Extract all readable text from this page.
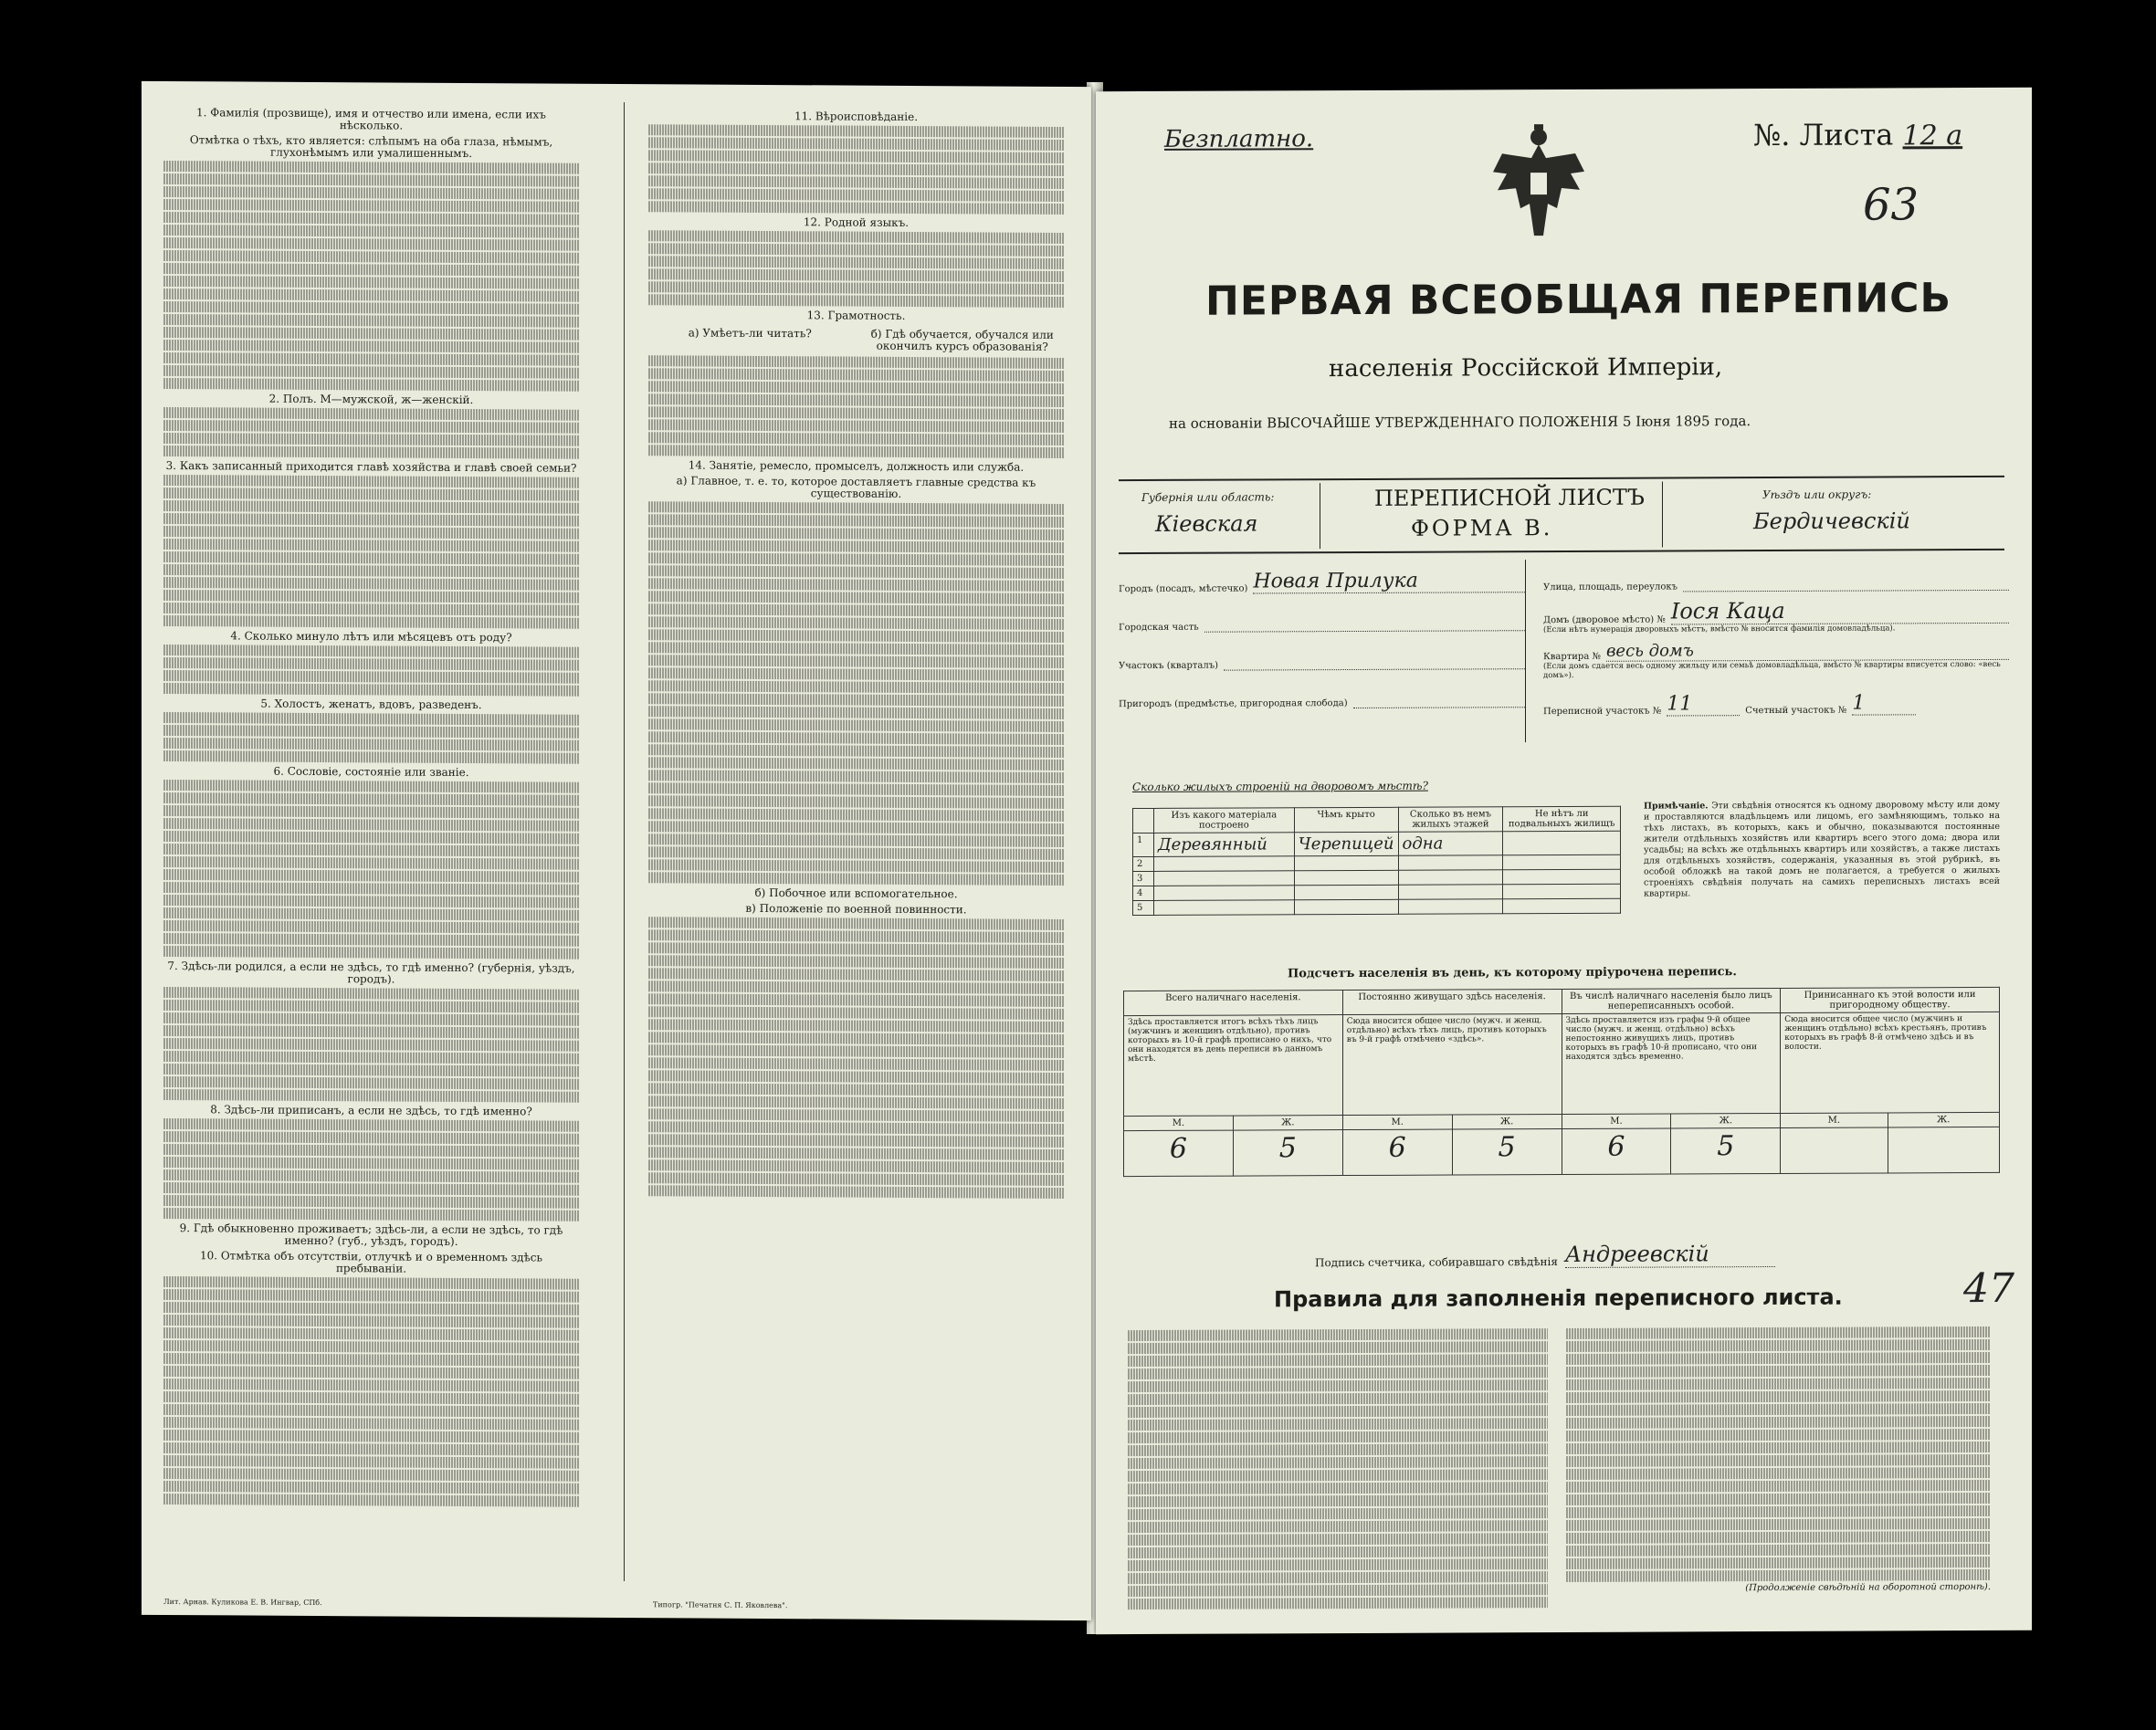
1. Фамилія (прозвище), имя и отчество или имена, если ихъ нѣсколько.
Отмѣтка о тѣхъ, кто является: слѣпымъ на оба глаза, нѣмымъ, глухонѣмымъ или умалишеннымъ.
2. Полъ. М—мужской, ж—женскій.
3. Какъ записанный приходится главѣ хозяйства и главѣ своей семьи?
4. Сколько минуло лѣтъ или мѣсяцевъ отъ роду?
5. Холостъ, женатъ, вдовъ, разведенъ.
6. Сословіе, состояніе или званіе.
7. Здѣсь-ли родился, а если не здѣсь, то гдѣ именно? (губернія, уѣздъ, городъ).
8. Здѣсь-ли приписанъ, а если не здѣсь, то гдѣ именно?
9. Гдѣ обыкновенно проживаетъ; здѣсь-ли, а если не здѣсь, то гдѣ именно? (губ., уѣздъ, городъ).
10. Отмѣтка объ отсутствіи, отлучкѣ и о временномъ здѣсь пребываніи.
Лит. Арнав. Куликова Е. В. Ингвар, СПб.
11. Вѣроисповѣданіе.
12. Родной языкъ.
13. Грамотность.
а) Умѣетъ-ли читать?	б) Гдѣ обучается, обучался или окончилъ курсъ образованія?
14. Занятіе, ремесло, промыселъ, должность или служба.
а) Главное, т. е. то, которое доставляетъ главные средства къ существованію.
б) Побочное или вспомогательное.
в) Положеніе по военной повинности.
Типогр. "Печатня С. П. Яковлева".
Безплатно.	№. Листа 12 а
63
ПЕРВАЯ ВСЕОБЩАЯ ПЕРЕПИСЬ
населенія Россійской Имперіи,
на основаніи ВЫСОЧАЙШЕ УТВЕРЖДЕННАГО ПОЛОЖЕНІЯ 5 Іюня 1895 года.
Губернія или область:
Кіевская
ПЕРЕПИСНОЙ ЛИСТЪ
ФОРМА В.
Уѣздъ или округъ:
Бердичевскій
Городъ (посадъ, мѣстечко) Новая Прилука
Городская часть
Участокъ (кварталъ)
Пригородъ (предмѣстье, пригородная слобода)
Улица, площадь, переулокъ
Домъ (дворовое мѣсто) № Іося Каца
(Если нѣтъ нумерація дворовыхъ мѣстъ, вмѣсто № вносится фамилія домовладѣльца).
Квартира № весь домъ
(Если домъ сдается весь одному жильцу или семьѣ домовладѣльца, вмѣсто № квартиры вписуется слово: «весь домъ»).
Переписной участокъ № 11	Счетный участокъ № 1
Сколько жилыхъ строеній на дворовомъ мѣстѣ?
	Изъ какого матеріала построено	Чѣмъ крыто	Сколько въ немъ жилыхъ этажей	Не нѣтъ ли подвальныхъ жилищъ
1	Деревянный	Черепицей	одна	
2				
3				
4				
5				
Примѣчаніе. Эти свѣдѣнія относятся къ одному дворовому мѣсту или дому и проставляются владѣльцемъ или лицомъ, его замѣняющимъ, только на тѣхъ листахъ, въ которыхъ, какъ и обычно, показываются постоянные жители отдѣльныхъ хозяйствъ или квартиръ всего этого дома; двора или усадьбы; на всѣхъ же отдѣльныхъ квартиръ или хозяйствъ, а также листахъ для отдѣльныхъ хозяйствъ, содержанія, указанныя въ этой рубрикѣ, въ особой обложкѣ на такой домъ не полагается, а требуется о жилыхъ строеніяхъ свѣдѣнія получать на самихъ переписныхъ листахъ всей квартиры.
Подсчетъ населенія въ день, къ которому пріурочена перепись.
Всего наличнаго населенія.		Постоянно живущаго здѣсь населенія.		Въ числѣ наличнаго населенія было лицъ непереписанныхъ особой.		Принисаннаго къ этой волости или пригородному обществу.	
Здѣсь проставляется итогъ всѣхъ тѣхъ лицъ (мужчинъ и женщинъ отдѣльно), противъ которыхъ въ 10-й графѣ прописано о нихъ, что они находятся въ день переписи въ данномъ мѣстѣ.		Сюда вносится общее число (мужч. и женщ. отдѣльно) всѣхъ тѣхъ лицъ, противъ которыхъ въ 9-й графѣ отмѣчено «здѣсь».		Здѣсь проставляется изъ графы 9-й общее число (мужч. и женщ. отдѣльно) всѣхъ непостоянно живущихъ лицъ, противъ которыхъ въ графѣ 10-й прописано, что они находятся здѣсь временно.		Сюда вносится общее число (мужчинъ и женщинъ отдѣльно) всѣхъ крестьянъ, противъ которыхъ въ графѣ 8-й отмѣчено здѣсь и въ волости.	
М.	Ж.	М.	Ж.	М.	Ж.	М.	Ж.
6	5	6	5	6	5		
Подпись счетчика, собиравшаго свѣдѣнія Андреевскій
Правила для заполненія переписного листа.	47
(Продолженіе свѣдѣній на оборотной сторонѣ).
